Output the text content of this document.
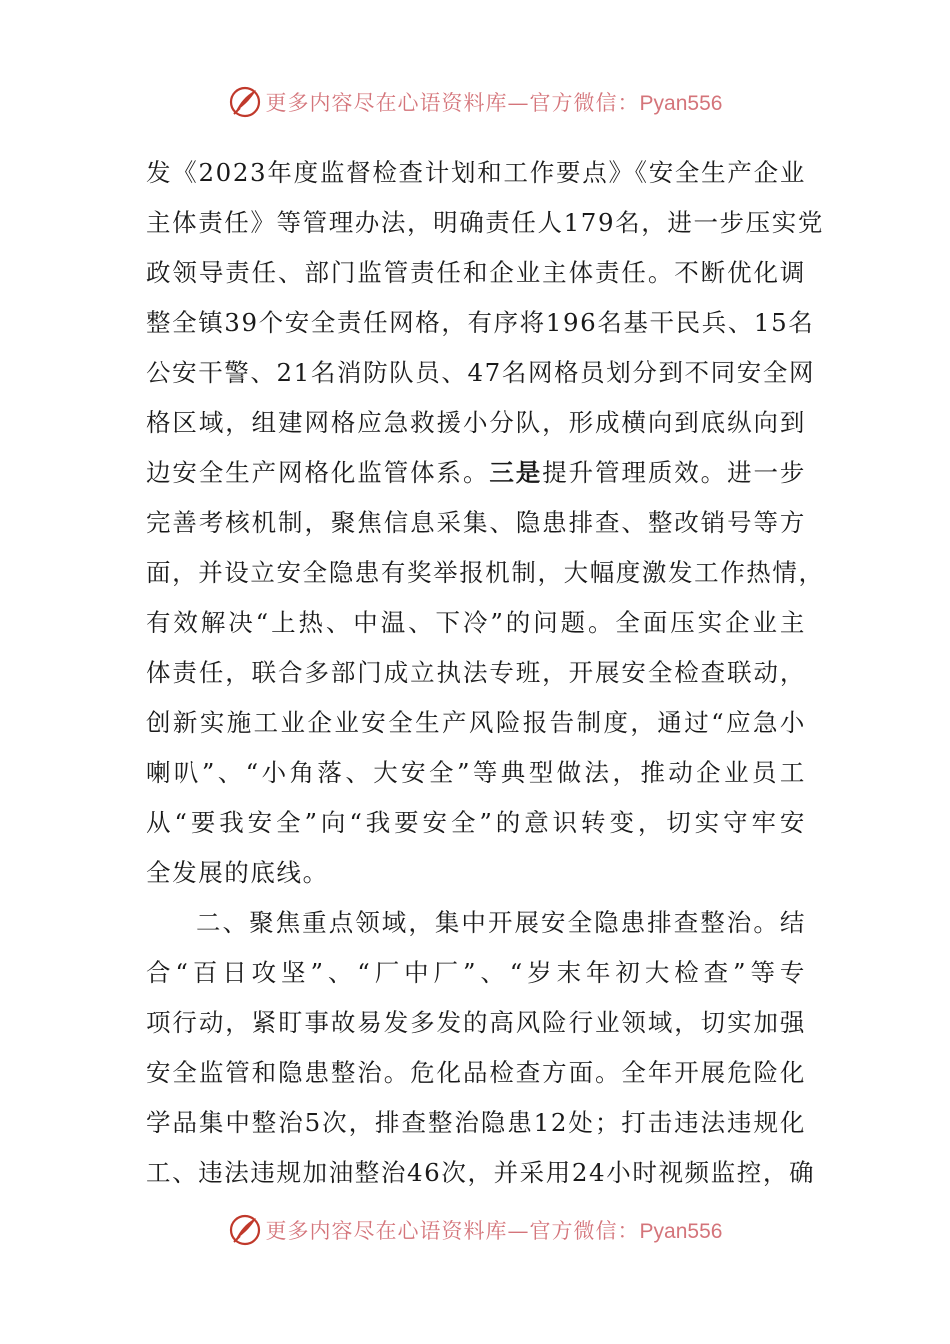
更多内容尽在心语资料库—官方微信：Pyan556
发《2023年度监督检查计划和工作要点》《安全生产企业
主体责任》等管理办法，明确责任人179名，进一步压实党
政领导责任、部门监管责任和企业主体责任。不断优化调
整全镇39个安全责任网格，有序将196名基干民兵、15名
公安干警、21名消防队员、47名网格员划分到不同安全网
格区域，组建网格应急救援小分队，形成横向到底纵向到
边安全生产网格化监管体系。三是提升管理质效。进一步
完善考核机制，聚焦信息采集、隐患排查、整改销号等方
面，并设立安全隐患有奖举报机制，大幅度激发工作热情，
有效解决“上热、中温、下冷”的问题。全面压实企业主
体责任，联合多部门成立执法专班，开展安全检查联动，
创新实施工业企业安全生产风险报告制度，通过“应急小
喇叭”、“小角落、大安全”等典型做法，推动企业员工
从“要我安全”向“我要安全”的意识转变，切实守牢安
全发展的底线。
二、聚焦重点领域，集中开展安全隐患排查整治。结
合“百日攻坚”、“厂中厂”、“岁末年初大检查”等专
项行动，紧盯事故易发多发的高风险行业领域，切实加强
安全监管和隐患整治。危化品检查方面。全年开展危险化
学品集中整治5次，排查整治隐患12处；打击违法违规化
工、违法违规加油整治46次，并采用24小时视频监控，确
更多内容尽在心语资料库—官方微信：Pyan556
